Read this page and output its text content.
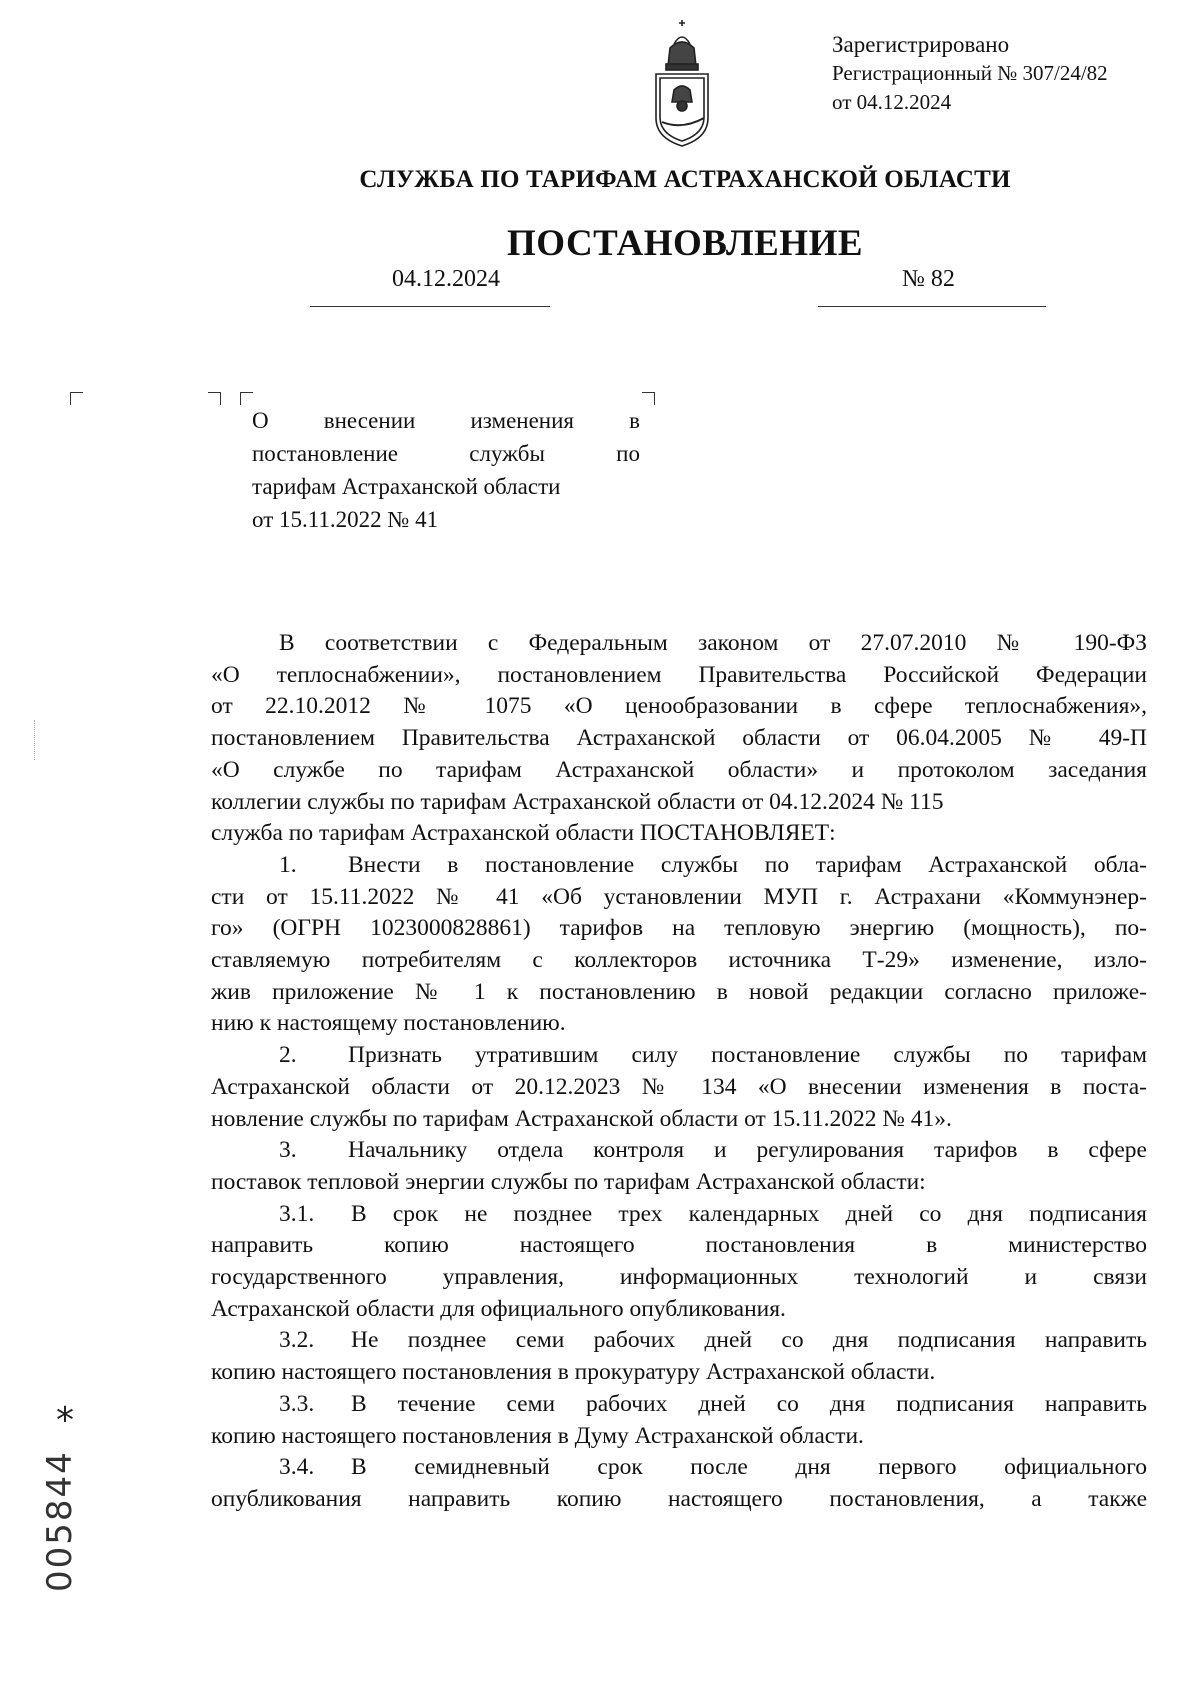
Зарегистрировано
Регистрационный № 307/24/82
от 04.12.2024
СЛУЖБА ПО ТАРИФАМ АСТРАХАНСКОЙ ОБЛАСТИ
ПОСТАНОВЛЕНИЕ
04.12.2024	№ 82
О внесении изменения в
постановление службы по
тарифам Астраханской области
от 15.11.2022 № 41
В соответствии с Федеральным законом от 27.07.2010 № 190-ФЗ
«О теплоснабжении», постановлением Правительства Российской Федерации
от 22.10.2012 № 1075 «О ценообразовании в сфере теплоснабжения»,
постановлением Правительства Астраханской области от 06.04.2005 № 49-П
«О службе по тарифам Астраханской области» и протоколом заседания
коллегии службы по тарифам Астраханской области от 04.12.2024 № 115
служба по тарифам Астраханской области ПОСТАНОВЛЯЕТ:
1. Внести в постановление службы по тарифам Астраханской обла-
сти от 15.11.2022 № 41 «Об установлении МУП г. Астрахани «Коммунэнер-
го» (ОГРН 1023000828861) тарифов на тепловую энергию (мощность), по-
ставляемую потребителям с коллекторов источника Т-29» изменение, изло-
жив приложение № 1 к постановлению в новой редакции согласно приложе-
нию к настоящему постановлению.
2. Признать утратившим силу постановление службы по тарифам
Астраханской области от 20.12.2023 № 134 «О внесении изменения в поста-
новление службы по тарифам Астраханской области от 15.11.2022 № 41».
3. Начальнику отдела контроля и регулирования тарифов в сфере
поставок тепловой энергии службы по тарифам Астраханской области:
3.1. В срок не позднее трех календарных дней со дня подписания
направить копию настоящего постановления в министерство
государственного управления, информационных технологий и связи
Астраханской области для официального опубликования.
3.2. Не позднее семи рабочих дней со дня подписания направить
копию настоящего постановления в прокуратуру Астраханской области.
3.3. В течение семи рабочих дней со дня подписания направить
копию настоящего постановления в Думу Астраханской области.
3.4. В семидневный срок после дня первого официального
опубликования направить копию настоящего постановления, а также
*
005844
